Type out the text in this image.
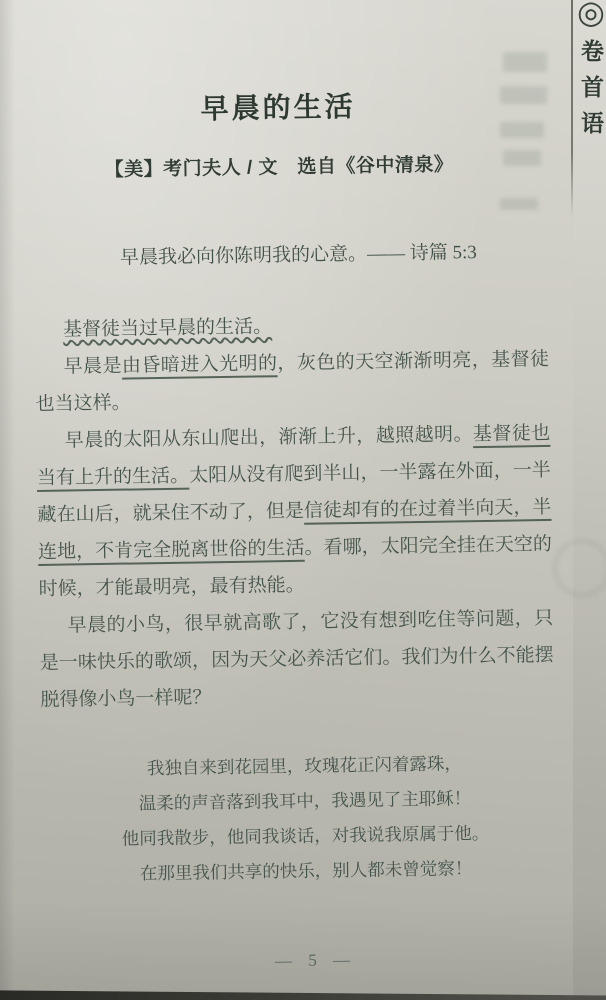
早晨的生活
【美】考门夫人 / 文　选自《谷中清泉》
早晨我必向你陈明我的心意。—— 诗篇 5:3

基督徒当过早晨的生活。

早晨是由昏暗进入光明的，灰色的天空渐渐明亮，基督徒也当这样。

早晨的太阳从东山爬出，渐渐上升，越照越明。基督徒也当有上升的生活。太阳从没有爬到半山，一半露在外面，一半藏在山后，就呆住不动了，但是信徒却有的在过着半向天，半连地，不肯完全脱离世俗的生活。看哪，太阳完全挂在天空的时候，才能最明亮，最有热能。

早晨的小鸟，很早就高歌了，它没有想到吃住等问题，只是一味快乐的歌颂，因为天父必养活它们。我们为什么不能摆脱得像小鸟一样呢？

我独自来到花园里，玫瑰花正闪着露珠，
温柔的声音落到我耳中，我遇见了主耶稣！
他同我散步，他同我谈话，对我说我原属于他。
在那里我们共享的快乐，别人都未曾觉察！
— 5 —
◎
卷
首
语
